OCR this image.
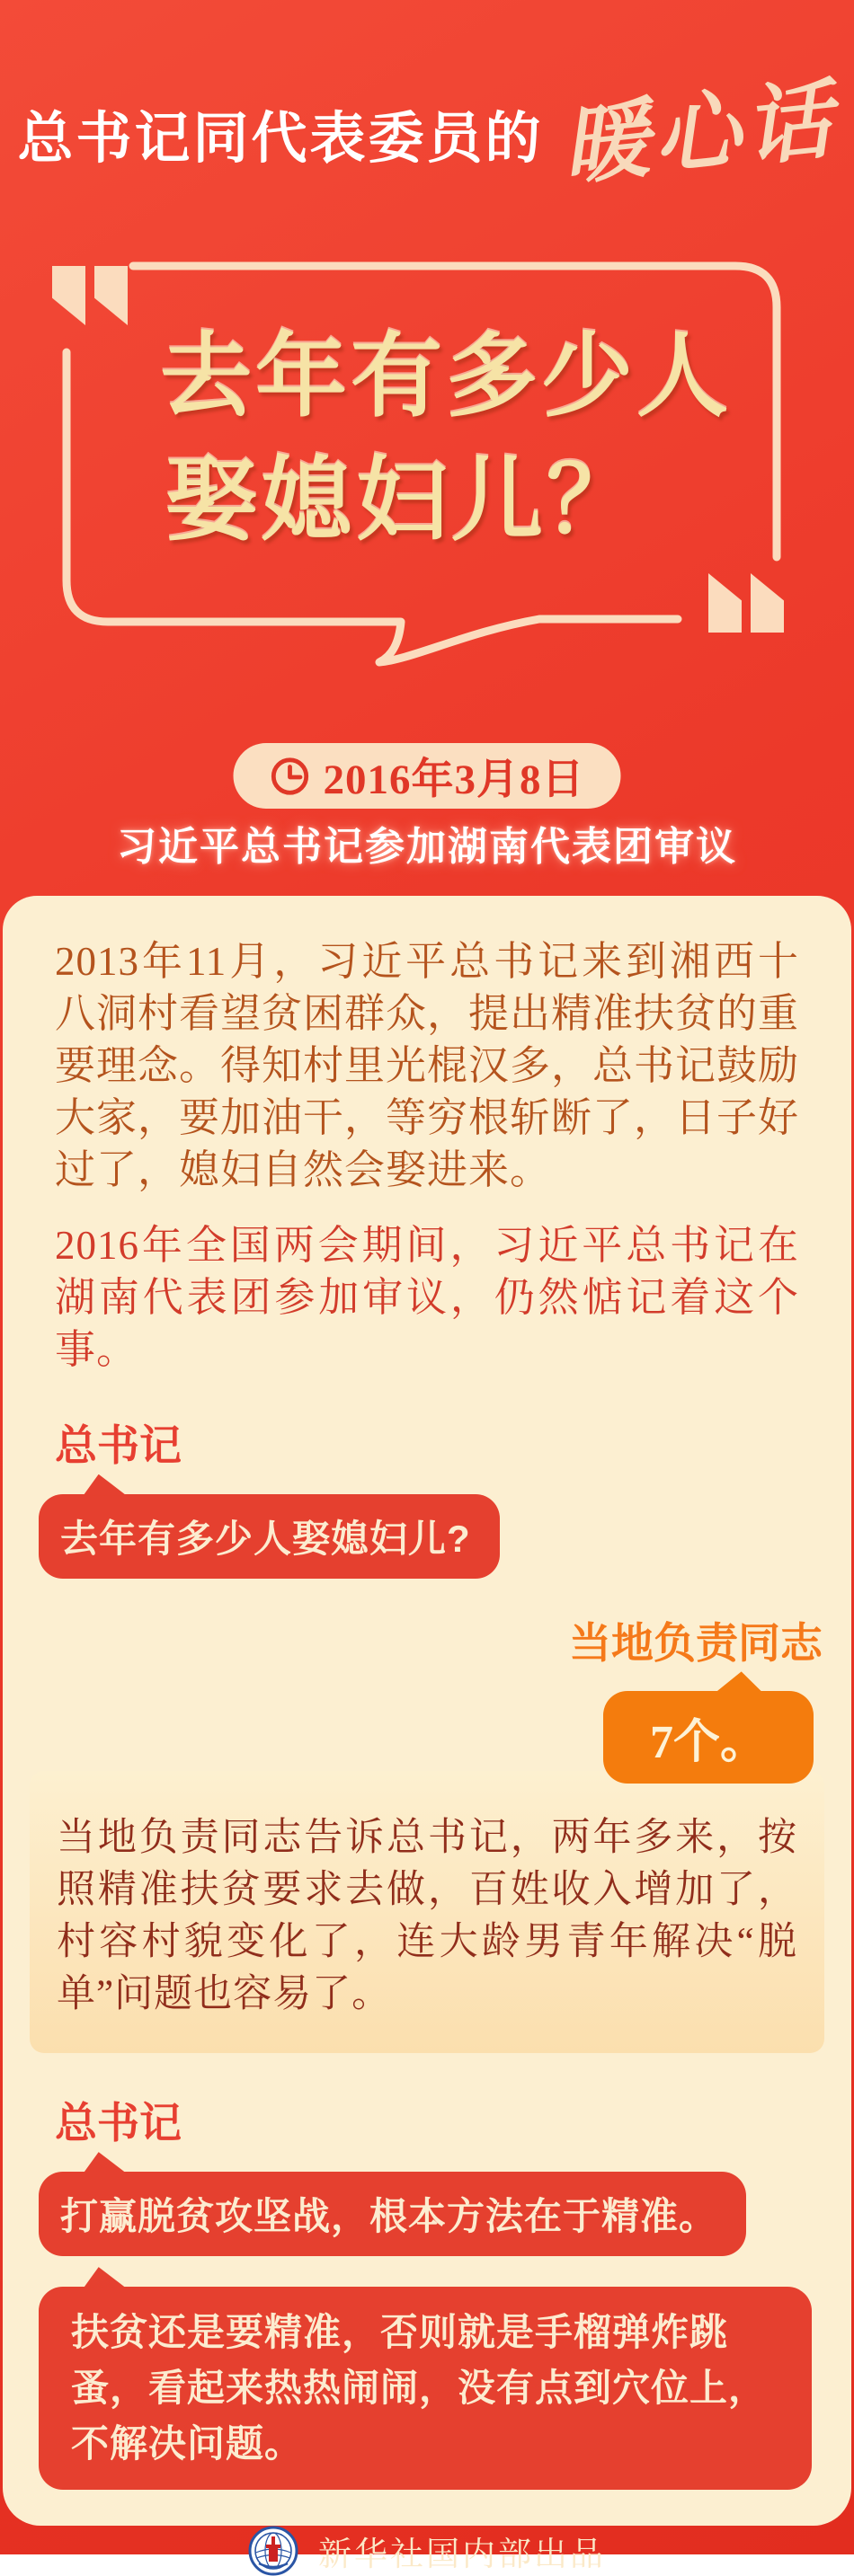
总书记同代表委员的 暖心话
去年有多少人
娶媳妇儿？
2016年3月8日
习近平总书记参加湖南代表团审议

2013年11月，习近平总书记来到湘西十八洞村看望贫困群众，提出精准扶贫的重要理念。得知村里光棍汉多，总书记鼓励大家，要加油干，等穷根斩断了，日子好过了，媳妇自然会娶进来。

2016年全国两会期间，习近平总书记在湖南代表团参加审议，仍然惦记着这个事。

总书记
去年有多少人娶媳妇儿?
当地负责同志
7个。

当地负责同志告诉总书记，两年多来，按照精准扶贫要求去做，百姓收入增加了，村容村貌变化了，连大龄男青年解决“脱单”问题也容易了。

总书记
打赢脱贫攻坚战，根本方法在于精准。
扶贫还是要精准，否则就是手榴弹炸跳蚤，看起来热热闹闹，没有点到穴位上，不解决问题。
新华社国内部出品
